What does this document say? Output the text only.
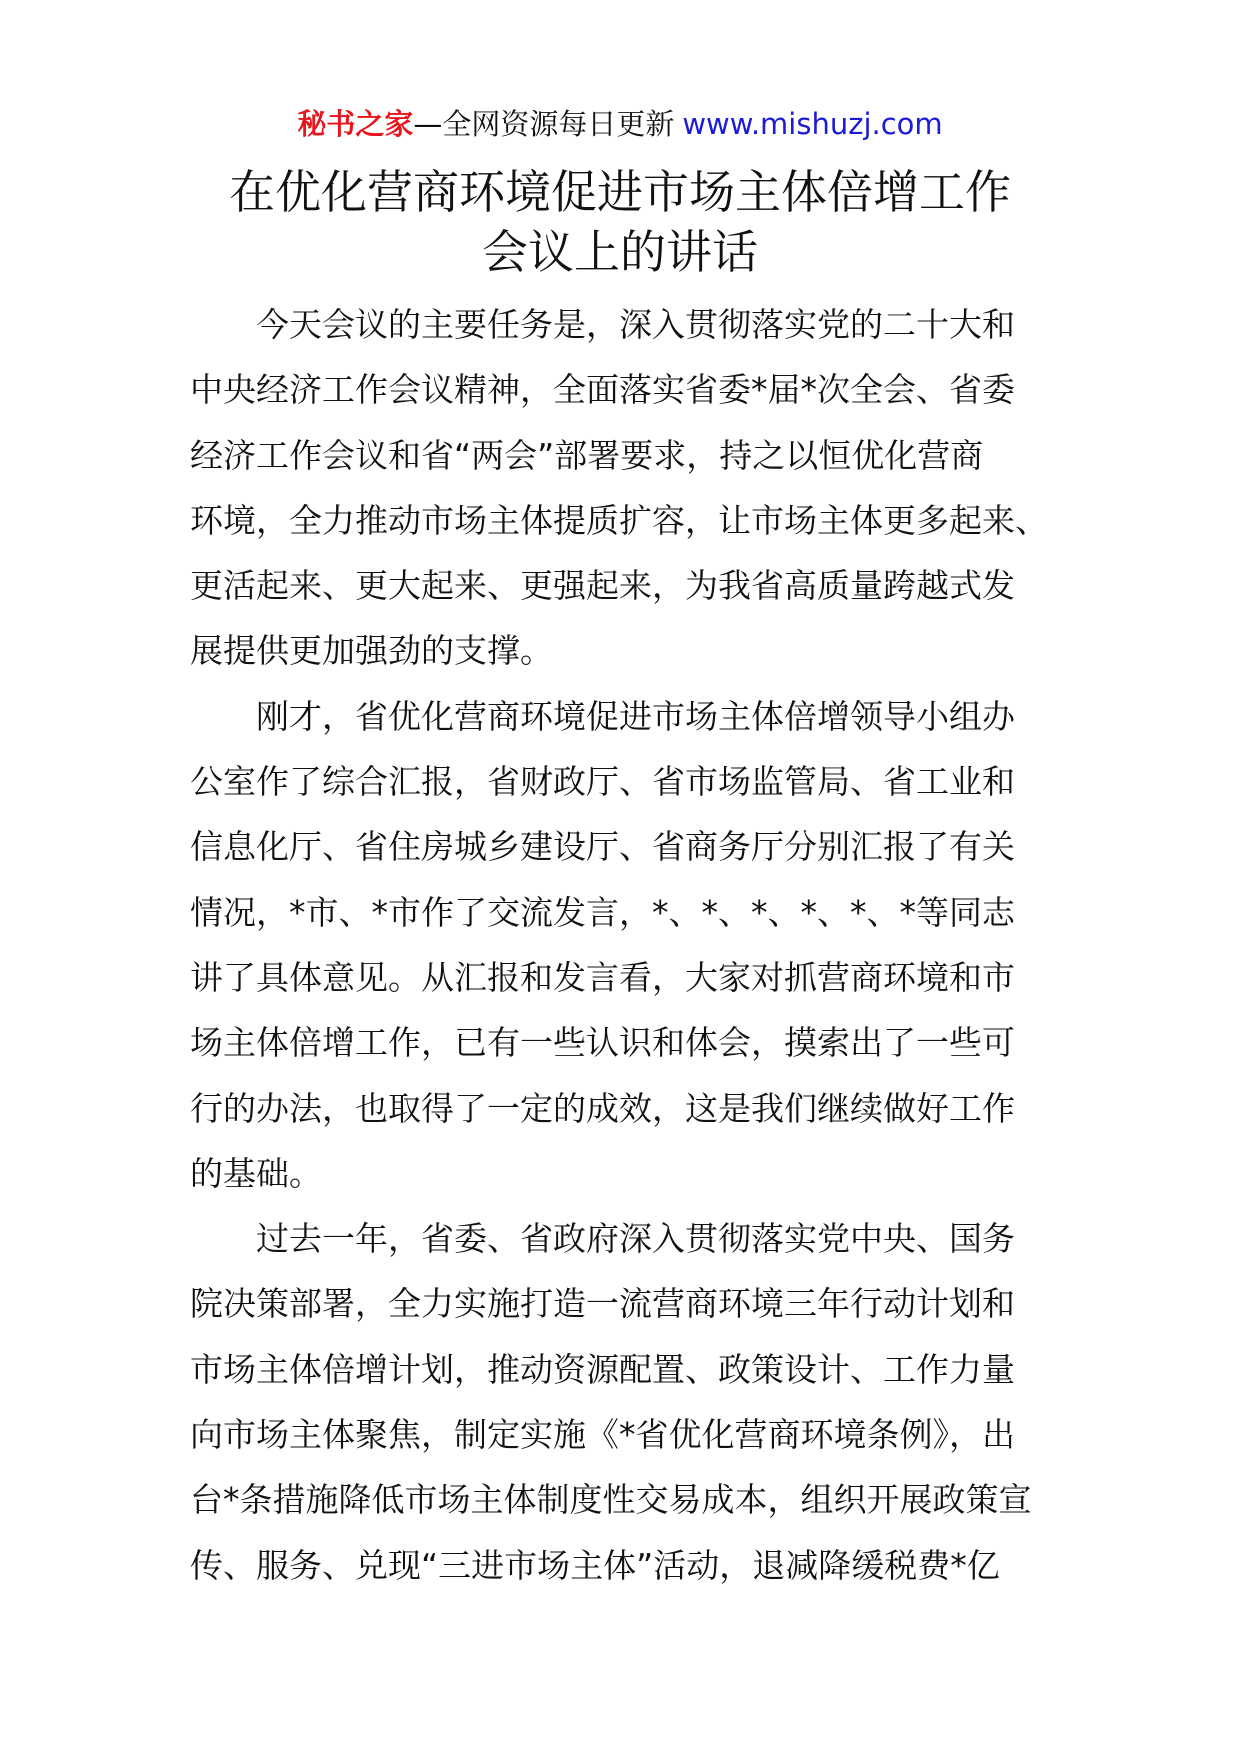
秘书之家—全网资源每日更新 www.mishuzj.com
在优化营商环境促进市场主体倍增工作
会议上的讲话
今天会议的主要任务是，深入贯彻落实党的二十大和
中央经济工作会议精神，全面落实省委*届*次全会、省委
经济工作会议和省“两会”部署要求，持之以恒优化营商
环境，全力推动市场主体提质扩容，让市场主体更多起来、
更活起来、更大起来、更强起来，为我省高质量跨越式发
展提供更加强劲的支撑。
刚才，省优化营商环境促进市场主体倍增领导小组办
公室作了综合汇报，省财政厅、省市场监管局、省工业和
信息化厅、省住房城乡建设厅、省商务厅分别汇报了有关
情况，*市、*市作了交流发言，*、*、*、*、*、*等同志
讲了具体意见。从汇报和发言看，大家对抓营商环境和市
场主体倍增工作，已有一些认识和体会，摸索出了一些可
行的办法，也取得了一定的成效，这是我们继续做好工作
的基础。
过去一年，省委、省政府深入贯彻落实党中央、国务
院决策部署，全力实施打造一流营商环境三年行动计划和
市场主体倍增计划，推动资源配置、政策设计、工作力量
向市场主体聚焦，制定实施《*省优化营商环境条例》，出
台*条措施降低市场主体制度性交易成本，组织开展政策宣
传、服务、兑现“三进市场主体”活动，退减降缓税费*亿
